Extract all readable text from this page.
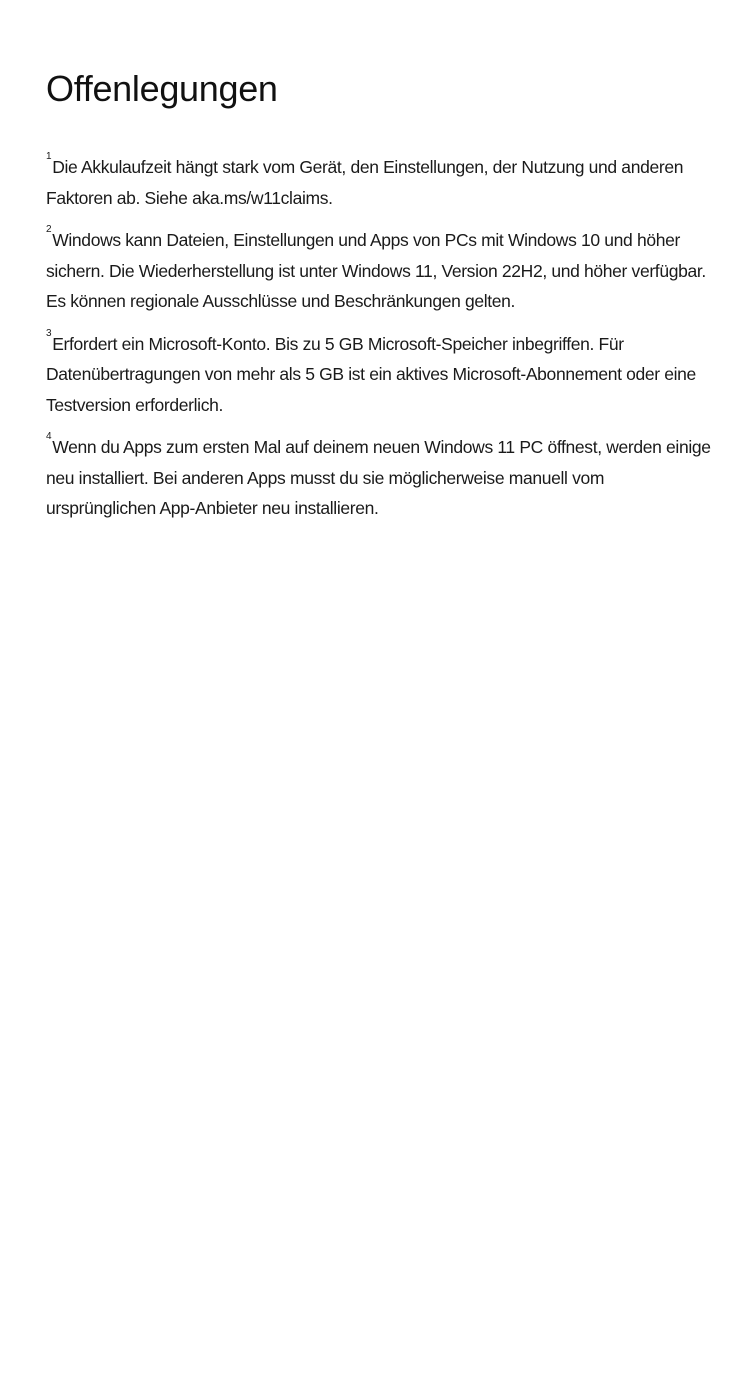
Offenlegungen
$^1$Die Akkulaufzeit hängt stark vom Gerät, den Einstellungen, der Nutzung und anderen Faktoren ab. Siehe aka.ms/w11claims.
$^2$Windows kann Dateien, Einstellungen und Apps von PCs mit Windows 10 und höher sichern. Die Wiederherstellung ist unter Windows 11, Version 22H2, und höher verfügbar. Es können regionale Ausschlüsse und Beschränkungen gelten.
$^3$Erfordert ein Microsoft-Konto. Bis zu 5 GB Microsoft-Speicher inbegriffen. Für Datenübertragungen von mehr als 5 GB ist ein aktives Microsoft-Abonnement oder eine Testversion erforderlich.
$^4$Wenn du Apps zum ersten Mal auf deinem neuen Windows 11 PC öffnest, werden einige neu installiert. Bei anderen Apps musst du sie möglicherweise manuell vom ursprünglichen App-Anbieter neu installieren.
